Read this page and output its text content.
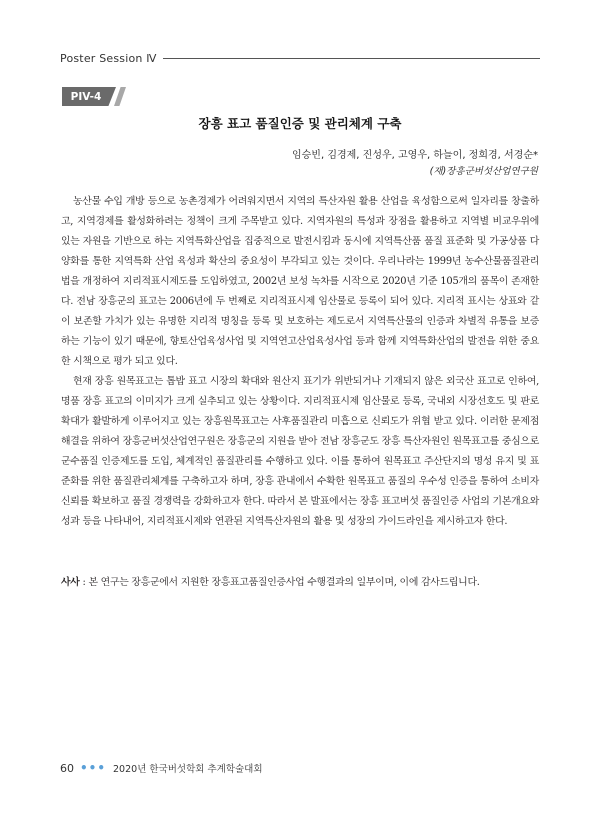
Poster Session Ⅳ
PIV-4
장흥 표고 품질인증 및 관리체계 구축
임승빈, 김경제, 진성우, 고영우, 하늘이, 정희경, 서경순*
(재)장흥군버섯산업연구원

농산물 수입 개방 등으로 농촌경제가 어려워지면서 지역의 특산자원 활용 산업을 육성함으로써 일자리를 창출하고, 지역경제를 활성화하려는 정책이 크게 주목받고 있다. 지역자원의 특성과 장점을 활용하고 지역별 비교우위에 있는 자원을 기반으로 하는 지역특화산업을 집중적으로 발전시킴과 동시에 지역특산품 품질 표준화 및 가공상품 다양화를 통한 지역특화 산업 육성과 확산의 중요성이 부각되고 있는 것이다. 우리나라는 1999년 농수산물품질관리법을 개정하여 지리적표시제도를 도입하였고, 2002년 보성 녹차를 시작으로 2020년 기준 105개의 품목이 존재한다. 전남 장흥군의 표고는 2006년에 두 번째로 지리적표시제 임산물로 등록이 되어 있다. 지리적 표시는 상표와 같이 보존할 가치가 있는 유명한 지리적 명칭을 등록 및 보호하는 제도로서 지역특산물의 인증과 차별적 유통을 보증하는 기능이 있기 때문에, 향토산업육성사업 및 지역연고산업육성사업 등과 함께 지역특화산업의 발전을 위한 중요한 시책으로 평가 되고 있다.

현재 장흥 원목표고는 톱밥 표고 시장의 확대와 원산지 표기가 위반되거나 기재되지 않은 외국산 표고로 인하여, 명품 장흥 표고의 이미지가 크게 실추되고 있는 상황이다. 지리적표시제 임산물로 등록, 국내외 시장선호도 및 판로 확대가 활발하게 이루어지고 있는 장흥원목표고는 사후품질관리 미흡으로 신뢰도가 위협 받고 있다. 이러한 문제점 해결을 위하여 장흥군버섯산업연구원은 장흥군의 지원을 받아 전남 장흥군도 장흥 특산자원인 원목표고를 중심으로 군수품질 인증제도를 도입, 체계적인 품질관리를 수행하고 있다. 이를 통하여 원목표고 주산단지의 명성 유지 및 표준화를 위한 품질관리체계를 구축하고자 하며, 장흥 관내에서 수확한 원목표고 품질의 우수성 인증을 통하여 소비자 신뢰를 확보하고 품질 경쟁력을 강화하고자 한다. 따라서 본 발표에서는 장흥 표고버섯 품질인증 사업의 기본개요와 성과 등을 나타내어, 지리적표시제와 연관된 지역특산자원의 활용 및 성장의 가이드라인을 제시하고자 한다.

사사 : 본 연구는 장흥군에서 지원한 장흥표고품질인증사업 수행결과의 일부이며, 이에 감사드립니다.
60 ••• 2020년 한국버섯학회 추계학술대회
